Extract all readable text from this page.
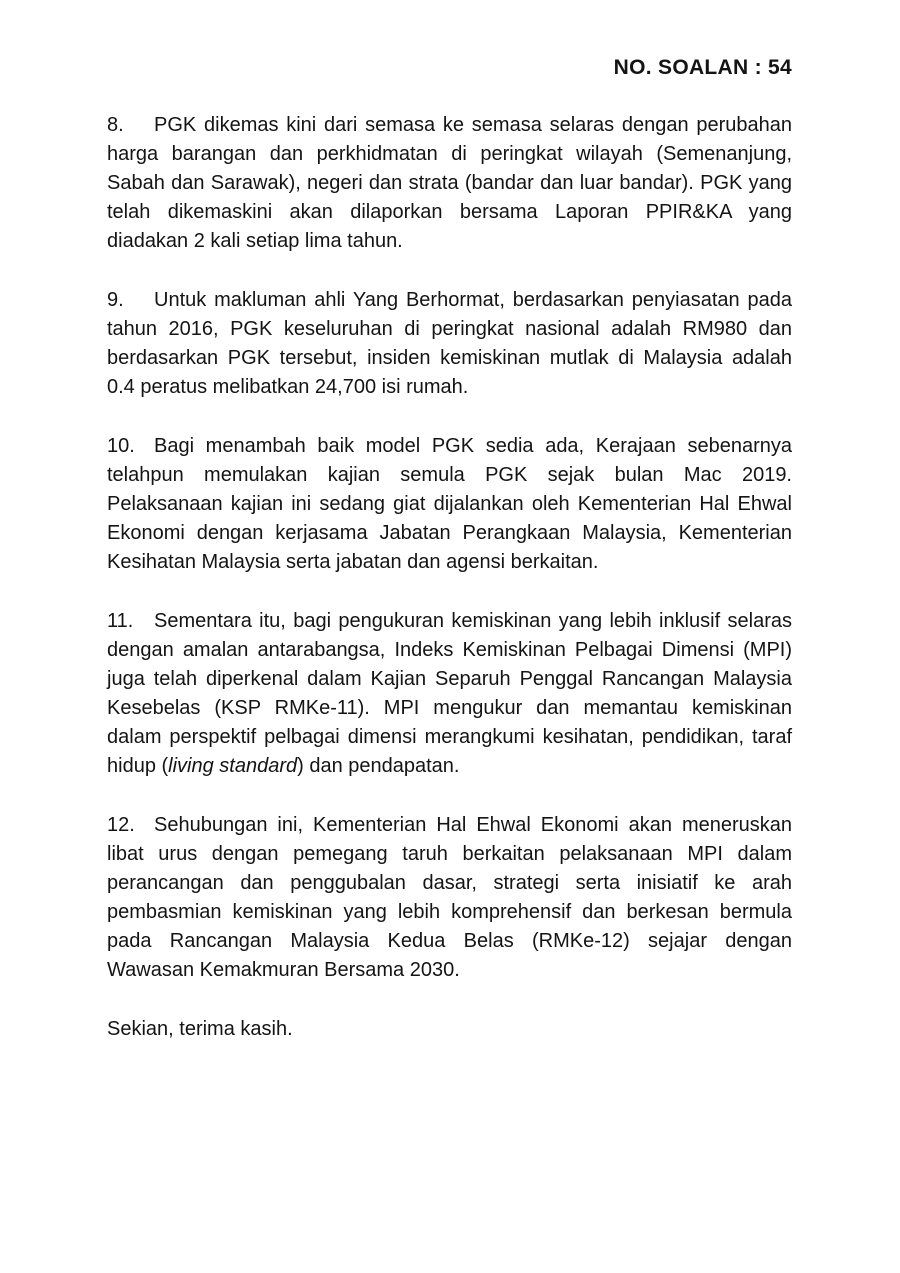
NO. SOALAN : 54

8. PGK dikemas kini dari semasa ke semasa selaras dengan perubahan harga barangan dan perkhidmatan di peringkat wilayah (Semenanjung, Sabah dan Sarawak), negeri dan strata (bandar dan luar bandar). PGK yang telah dikemaskini akan dilaporkan bersama Laporan PPIR&KA yang diadakan 2 kali setiap lima tahun.

9. Untuk makluman ahli Yang Berhormat, berdasarkan penyiasatan pada tahun 2016, PGK keseluruhan di peringkat nasional adalah RM980 dan berdasarkan PGK tersebut, insiden kemiskinan mutlak di Malaysia adalah 0.4 peratus melibatkan 24,700 isi rumah.

10. Bagi menambah baik model PGK sedia ada, Kerajaan sebenarnya telahpun memulakan kajian semula PGK sejak bulan Mac 2019. Pelaksanaan kajian ini sedang giat dijalankan oleh Kementerian Hal Ehwal Ekonomi dengan kerjasama Jabatan Perangkaan Malaysia, Kementerian Kesihatan Malaysia serta jabatan dan agensi berkaitan.

11. Sementara itu, bagi pengukuran kemiskinan yang lebih inklusif selaras dengan amalan antarabangsa, Indeks Kemiskinan Pelbagai Dimensi (MPI) juga telah diperkenal dalam Kajian Separuh Penggal Rancangan Malaysia Kesebelas (KSP RMKe-11). MPI mengukur dan memantau kemiskinan dalam perspektif pelbagai dimensi merangkumi kesihatan, pendidikan, taraf hidup (living standard) dan pendapatan.

12. Sehubungan ini, Kementerian Hal Ehwal Ekonomi akan meneruskan libat urus dengan pemegang taruh berkaitan pelaksanaan MPI dalam perancangan dan penggubalan dasar, strategi serta inisiatif ke arah pembasmian kemiskinan yang lebih komprehensif dan berkesan bermula pada Rancangan Malaysia Kedua Belas (RMKe-12) sejajar dengan Wawasan Kemakmuran Bersama 2030.

Sekian, terima kasih.
